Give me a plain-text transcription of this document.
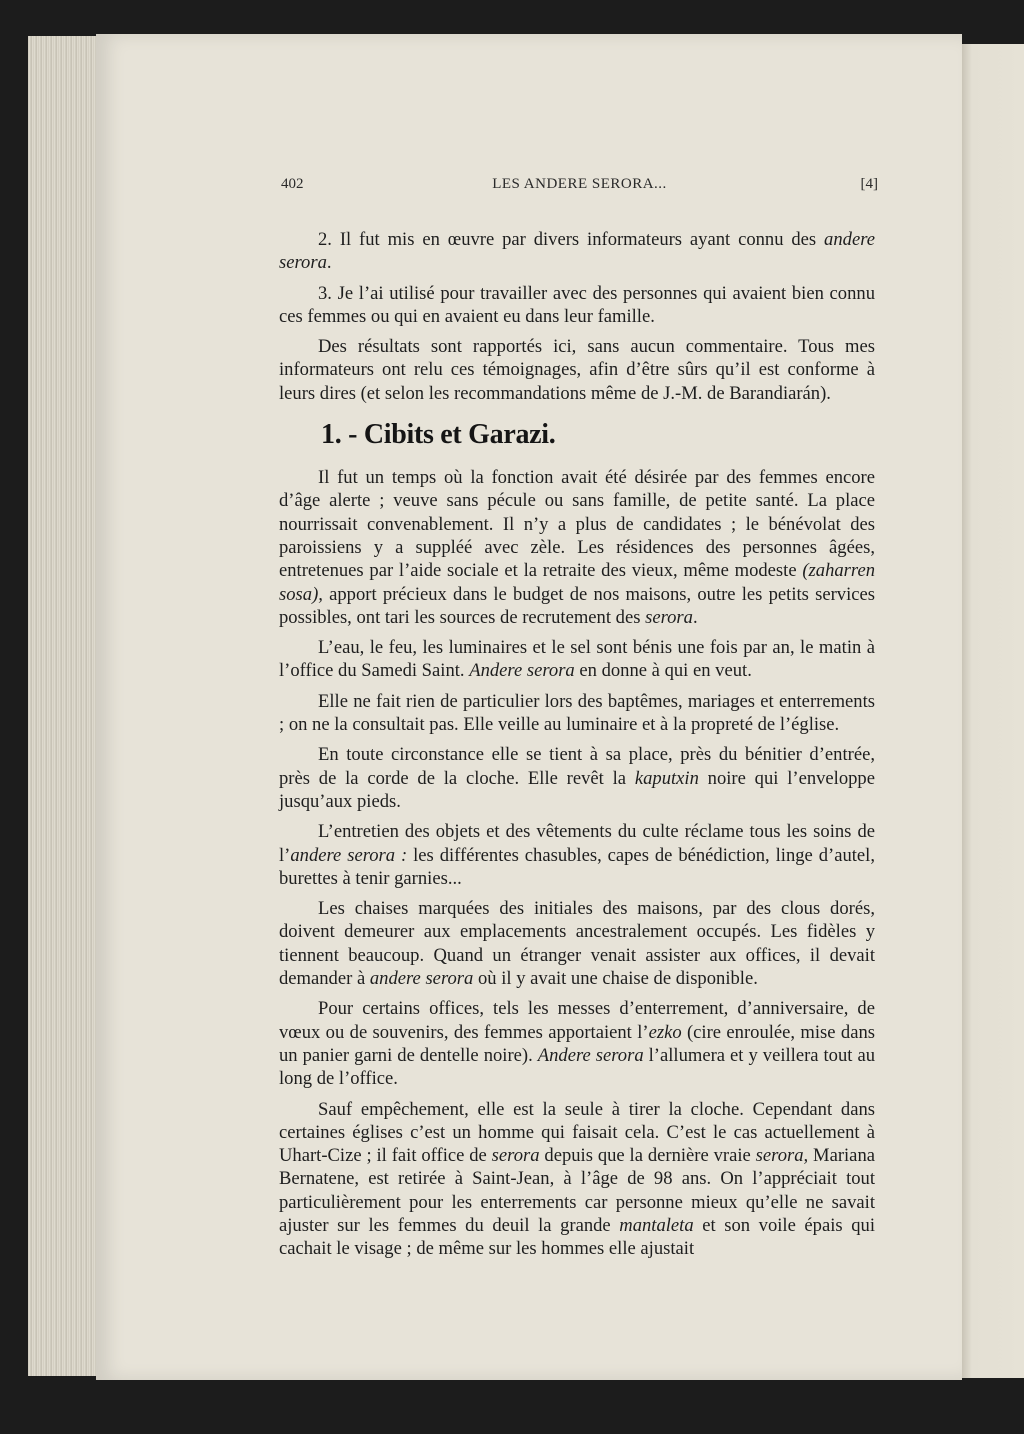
402	LES ANDERE SERORA...	[4]

2. Il fut mis en œuvre par divers informateurs ayant connu des andere serora.

3. Je l’ai utilisé pour travailler avec des personnes qui avaient bien connu ces femmes ou qui en avaient eu dans leur famille.

Des résultats sont rapportés ici, sans aucun commentaire. Tous mes informateurs ont relu ces témoignages, afin d’être sûrs qu’il est conforme à leurs dires (et selon les recommandations même de J.-M. de Barandiarán).

1. - Cibits et Garazi.

Il fut un temps où la fonction avait été désirée par des femmes encore d’âge alerte ; veuve sans pécule ou sans famille, de petite santé. La place nourrissait convenablement. Il n’y a plus de candidates ; le bénévolat des paroissiens y a suppléé avec zèle. Les résidences des personnes âgées, entretenues par l’aide sociale et la retraite des vieux, même modeste (zaharren sosa), apport précieux dans le budget de nos maisons, outre les petits services possibles, ont tari les sources de recrutement des serora.

L’eau, le feu, les luminaires et le sel sont bénis une fois par an, le matin à l’office du Samedi Saint. Andere serora en donne à qui en veut.

Elle ne fait rien de particulier lors des baptêmes, mariages et enterrements ; on ne la consultait pas. Elle veille au luminaire et à la propreté de l’église.

En toute circonstance elle se tient à sa place, près du bénitier d’entrée, près de la corde de la cloche. Elle revêt la kaputxin noire qui l’enveloppe jusqu’aux pieds.

L’entretien des objets et des vêtements du culte réclame tous les soins de l’andere serora : les différentes chasubles, capes de bénédiction, linge d’autel, burettes à tenir garnies...

Les chaises marquées des initiales des maisons, par des clous dorés, doivent demeurer aux emplacements ancestralement occupés. Les fidèles y tiennent beaucoup. Quand un étranger venait assister aux offices, il devait demander à andere serora où il y avait une chaise de disponible.

Pour certains offices, tels les messes d’enterrement, d’anniversaire, de vœux ou de souvenirs, des femmes apportaient l’ezko (cire enroulée, mise dans un panier garni de dentelle noire). Andere serora l’allumera et y veillera tout au long de l’office.

Sauf empêchement, elle est la seule à tirer la cloche. Cependant dans certaines églises c’est un homme qui faisait cela. C’est le cas actuellement à Uhart-Cize ; il fait office de serora depuis que la dernière vraie serora, Mariana Bernatene, est retirée à Saint-Jean, à l’âge de 98 ans. On l’appréciait tout particulièrement pour les enterrements car personne mieux qu’elle ne savait ajuster sur les femmes du deuil la grande mantaleta et son voile épais qui cachait le visage ; de même sur les hommes elle ajustait
